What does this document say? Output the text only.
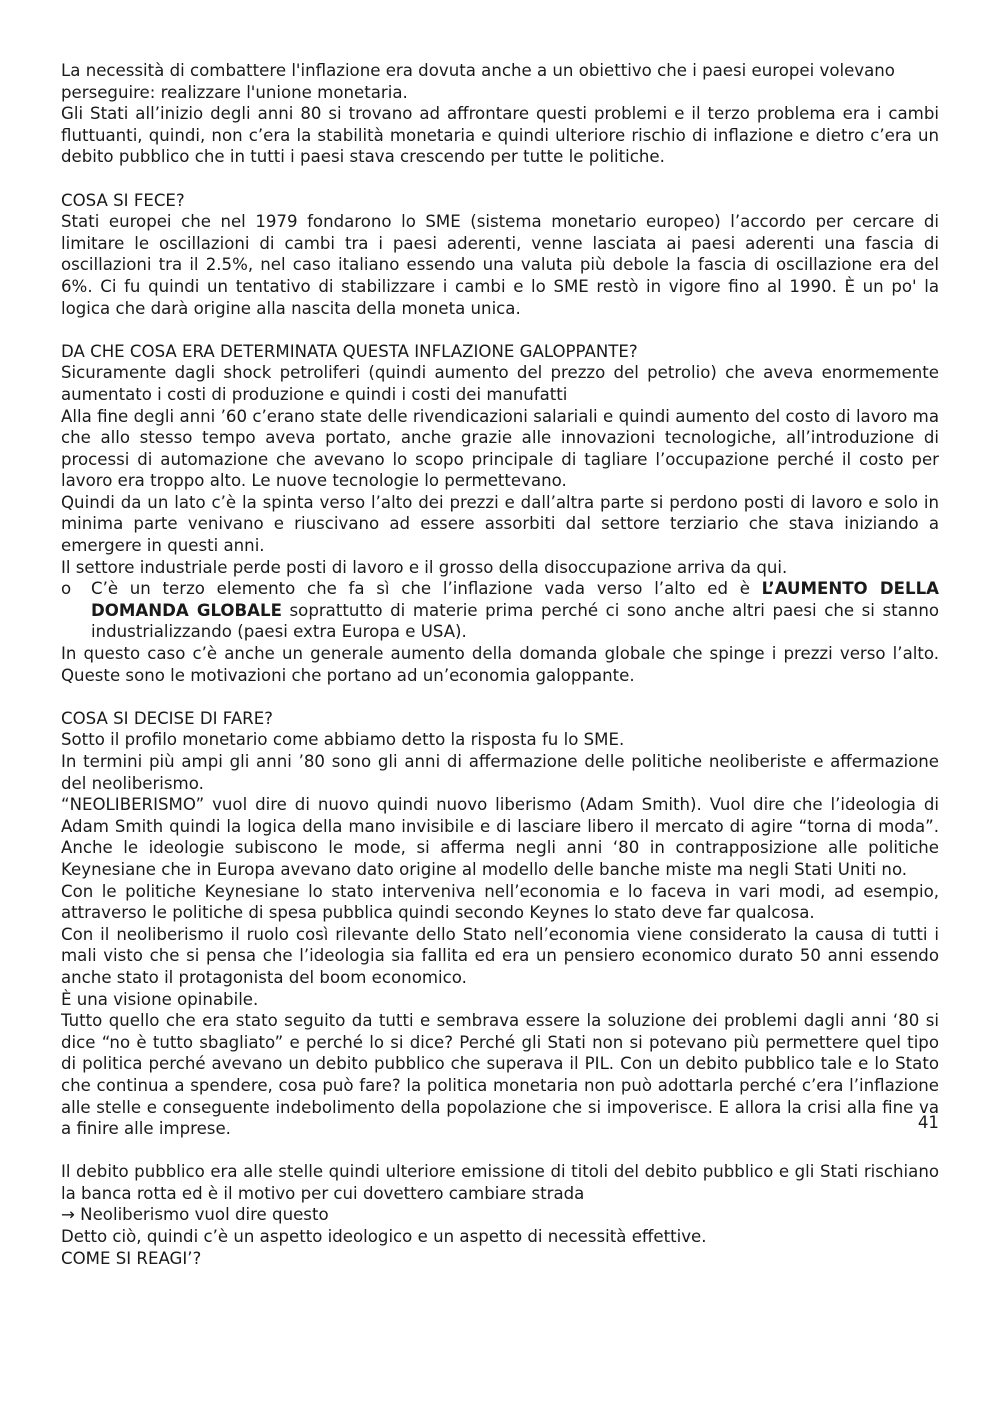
La necessità di combattere l'inflazione era dovuta anche a un obiettivo che i paesi europei volevano perseguire: realizzare l'unione monetaria.

Gli Stati all’inizio degli anni 80 si trovano ad affrontare questi problemi e il terzo problema era i cambi fluttuanti, quindi, non c’era la stabilità monetaria e quindi ulteriore rischio di inflazione e dietro c’era un debito pubblico che in tutti i paesi stava crescendo per tutte le politiche.

COSA SI FECE?

Stati europei che nel 1979 fondarono lo SME (sistema monetario europeo) l’accordo per cercare di limitare le oscillazioni di cambi tra i paesi aderenti, venne lasciata ai paesi aderenti una fascia di oscillazioni tra il 2.5%, nel caso italiano essendo una valuta più debole la fascia di oscillazione era del 6%. Ci fu quindi un tentativo di stabilizzare i cambi e lo SME restò in vigore fino al 1990. È un po' la logica che darà origine alla nascita della moneta unica.

DA CHE COSA ERA DETERMINATA QUESTA INFLAZIONE GALOPPANTE?

Sicuramente dagli shock petroliferi (quindi aumento del prezzo del petrolio) che aveva enormemente aumentato i costi di produzione e quindi i costi dei manufatti

Alla fine degli anni ’60 c’erano state delle rivendicazioni salariali e quindi aumento del costo di lavoro ma che allo stesso tempo aveva portato, anche grazie alle innovazioni tecnologiche, all’introduzione di processi di automazione che avevano lo scopo principale di tagliare l’occupazione perché il costo per lavoro era troppo alto. Le nuove tecnologie lo permettevano.

Quindi da un lato c’è la spinta verso l’alto dei prezzi e dall’altra parte si perdono posti di lavoro e solo in minima parte venivano e riuscivano ad essere assorbiti dal settore terziario che stava iniziando a emergere in questi anni.

Il settore industriale perde posti di lavoro e il grosso della disoccupazione arriva da qui.

o C’è un terzo elemento che fa sì che l’inflazione vada verso l’alto ed è L’AUMENTO DELLA DOMANDA GLOBALE soprattutto di materie prima perché ci sono anche altri paesi che si stanno industrializzando (paesi extra Europa e USA).

In questo caso c’è anche un generale aumento della domanda globale che spinge i prezzi verso l’alto. Queste sono le motivazioni che portano ad un’economia galoppante.

COSA SI DECISE DI FARE?

Sotto il profilo monetario come abbiamo detto la risposta fu lo SME.

In termini più ampi gli anni ’80 sono gli anni di affermazione delle politiche neoliberiste e affermazione del neoliberismo.

“NEOLIBERISMO” vuol dire di nuovo quindi nuovo liberismo (Adam Smith). Vuol dire che l’ideologia di Adam Smith quindi la logica della mano invisibile e di lasciare libero il mercato di agire “torna di moda”. Anche le ideologie subiscono le mode, si afferma negli anni ‘80 in contrapposizione alle politiche Keynesiane che in Europa avevano dato origine al modello delle banche miste ma negli Stati Uniti no.

Con le politiche Keynesiane lo stato interveniva nell’economia e lo faceva in vari modi, ad esempio, attraverso le politiche di spesa pubblica quindi secondo Keynes lo stato deve far qualcosa.

Con il neoliberismo il ruolo così rilevante dello Stato nell’economia viene considerato la causa di tutti i mali visto che si pensa che l’ideologia sia fallita ed era un pensiero economico durato 50 anni essendo anche stato il protagonista del boom economico.

È una visione opinabile.

Tutto quello che era stato seguito da tutti e sembrava essere la soluzione dei problemi dagli anni ‘80 si dice “no è tutto sbagliato” e perché lo si dice? Perché gli Stati non si potevano più permettere quel tipo di politica perché avevano un debito pubblico che superava il PIL. Con un debito pubblico tale e lo Stato che continua a spendere, cosa può fare? la politica monetaria non può adottarla perché c’era l’inflazione alle stelle e conseguente indebolimento della popolazione che si impoverisce. E allora la crisi alla fine va a finire alle imprese.

Il debito pubblico era alle stelle quindi ulteriore emissione di titoli del debito pubblico e gli Stati rischiano la banca rotta ed è il motivo per cui dovettero cambiare strada

→ Neoliberismo vuol dire questo

Detto ciò, quindi c’è un aspetto ideologico e un aspetto di necessità effettive.

COME SI REAGI’?

41
